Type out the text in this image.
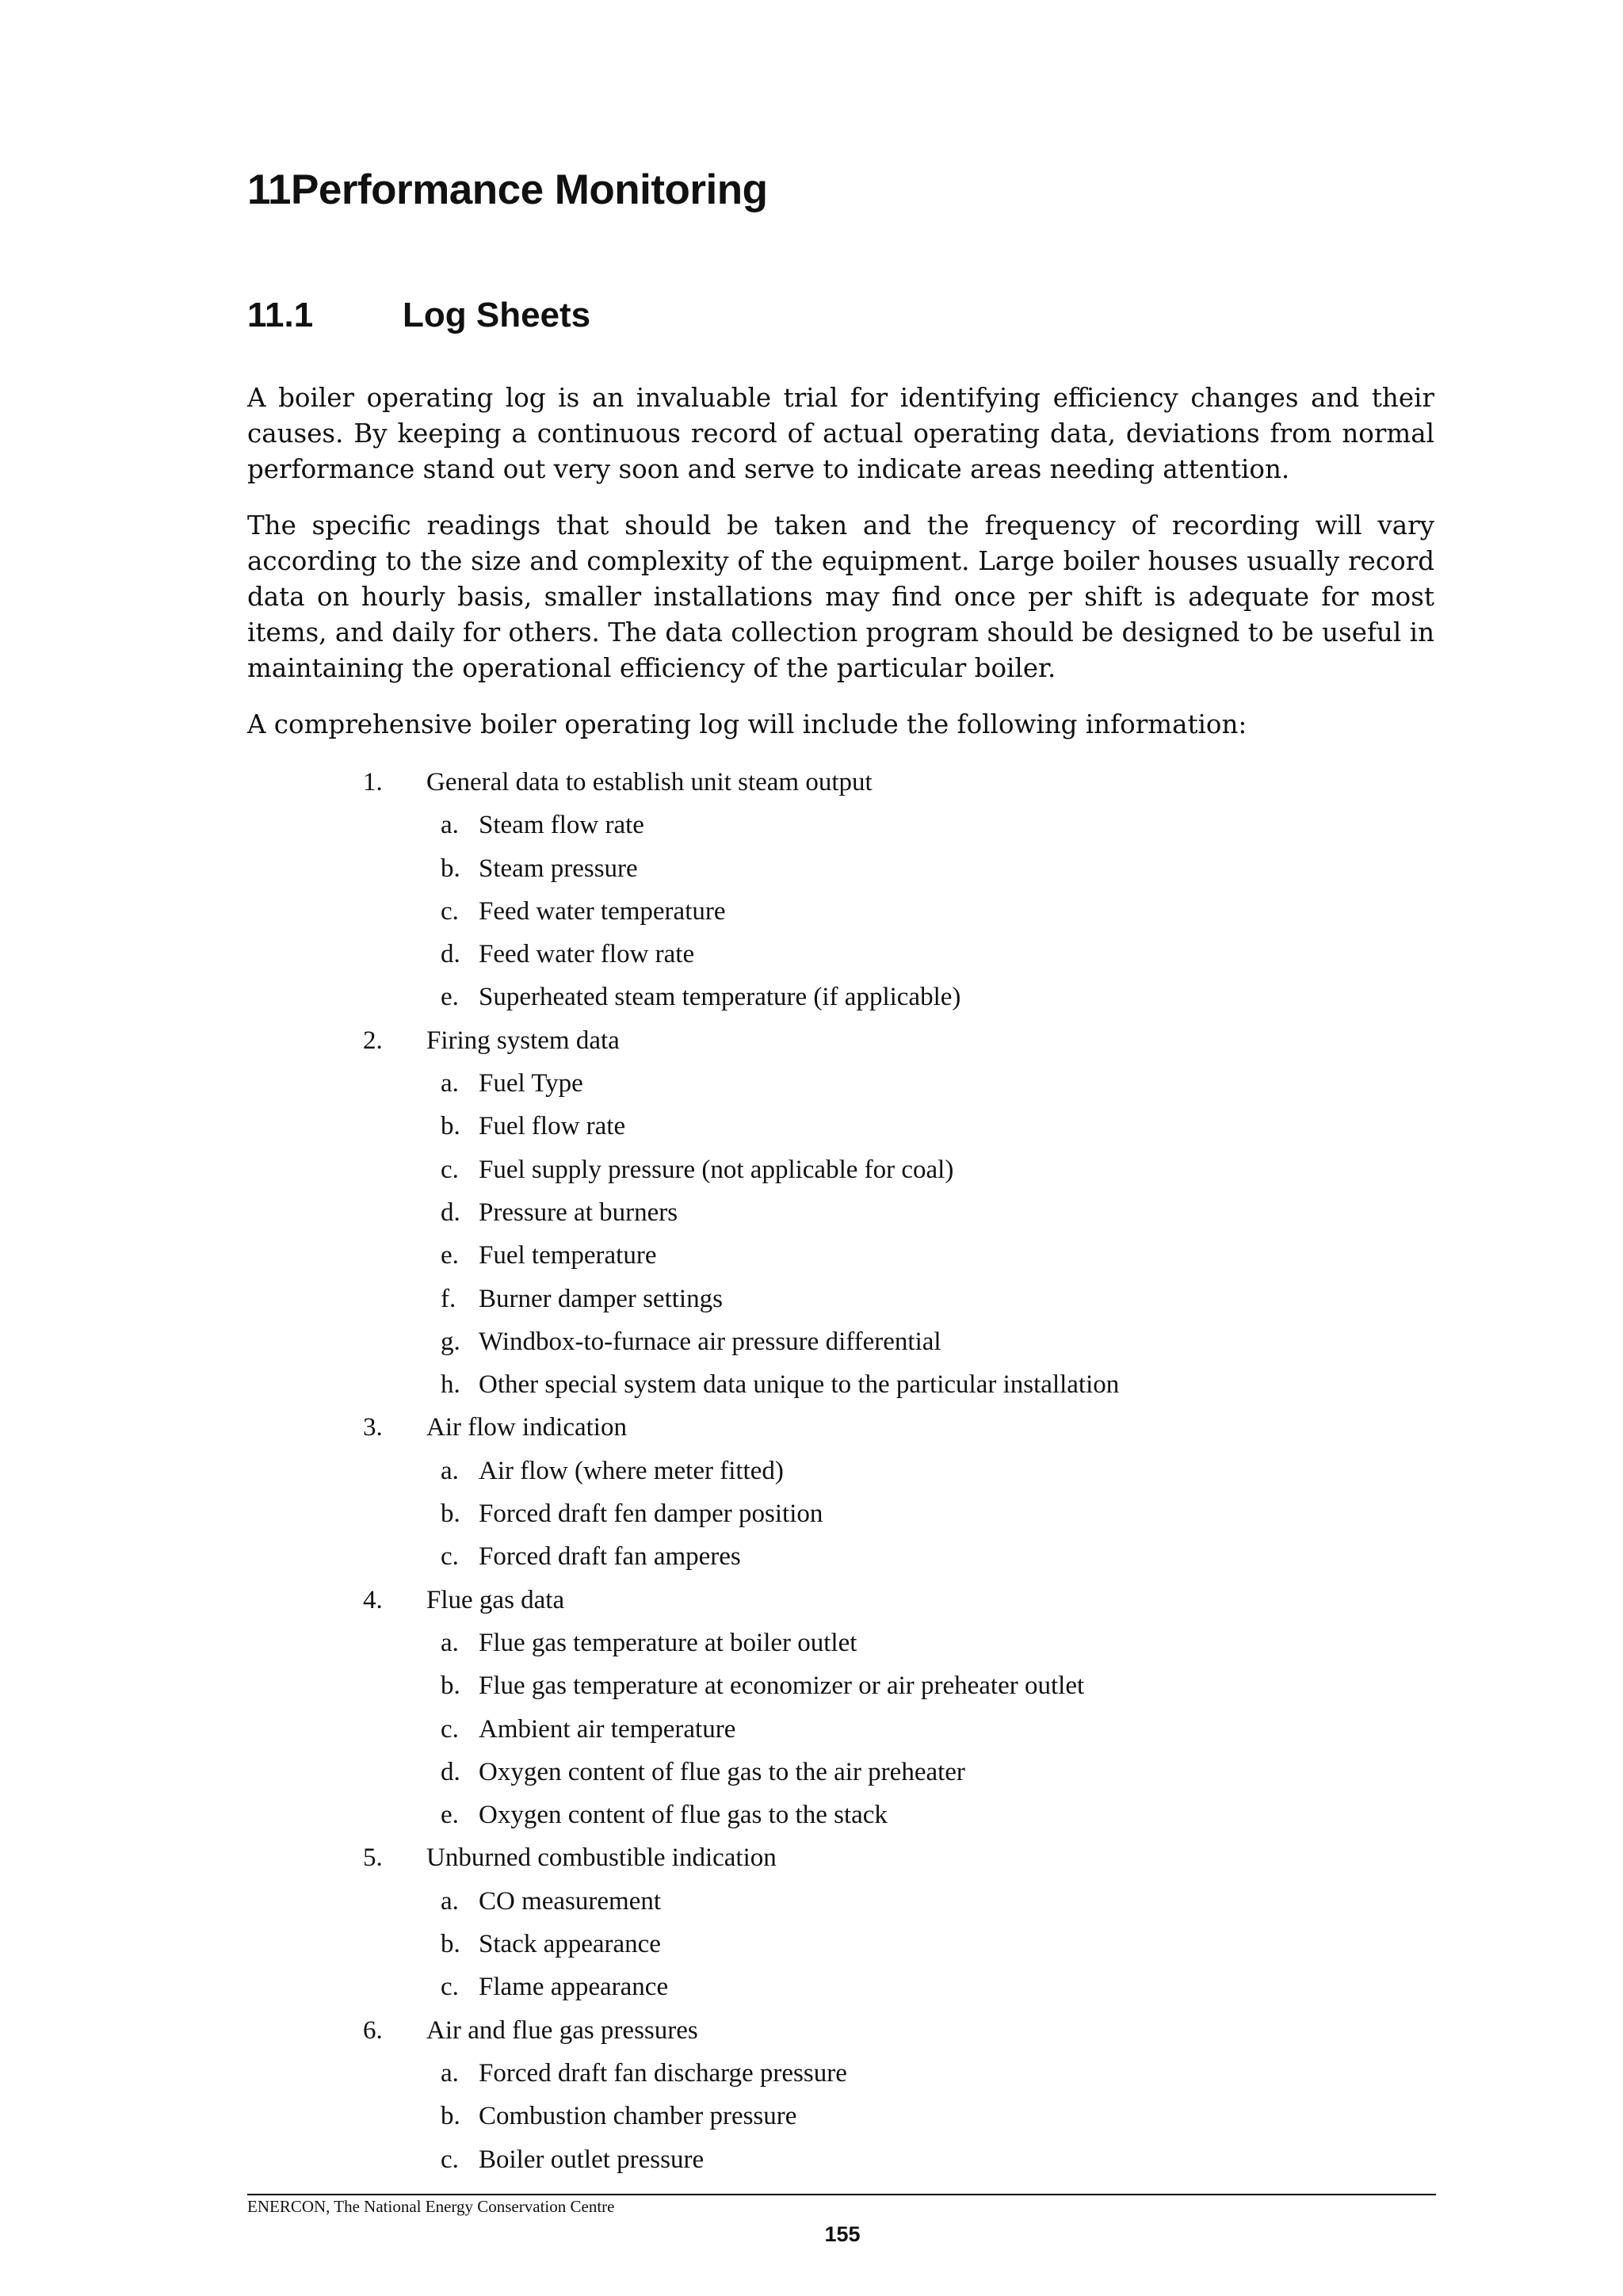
11Performance Monitoring
11.1	Log Sheets

A boiler operating log is an invaluable trial for identifying efficiency changes and their causes. By keeping a continuous record of actual operating data, deviations from normal performance stand out very soon and serve to indicate areas needing attention.

The specific readings that should be taken and the frequency of recording will vary according to the size and complexity of the equipment. Large boiler houses usually record data on hourly basis, smaller installations may find once per shift is adequate for most items, and daily for others. The data collection program should be designed to be useful in maintaining the operational efficiency of the particular boiler.

A comprehensive boiler operating log will include the following information:

1. General data to establish unit steam output
a. Steam flow rate
b. Steam pressure
c. Feed water temperature
d. Feed water flow rate
e. Superheated steam temperature (if applicable)
2. Firing system data
a. Fuel Type
b. Fuel flow rate
c. Fuel supply pressure (not applicable for coal)
d. Pressure at burners
e. Fuel temperature
f. Burner damper settings
g. Windbox-to-furnace air pressure differential
h. Other special system data unique to the particular installation
3. Air flow indication
a. Air flow (where meter fitted)
b. Forced draft fen damper position
c. Forced draft fan amperes
4. Flue gas data
a. Flue gas temperature at boiler outlet
b. Flue gas temperature at economizer or air preheater outlet
c. Ambient air temperature
d. Oxygen content of flue gas to the air preheater
e. Oxygen content of flue gas to the stack
5. Unburned combustible indication
a. CO measurement
b. Stack appearance
c. Flame appearance
6. Air and flue gas pressures
a. Forced draft fan discharge pressure
b. Combustion chamber pressure
c. Boiler outlet pressure

ENERCON, The National Energy Conservation Centre

155
